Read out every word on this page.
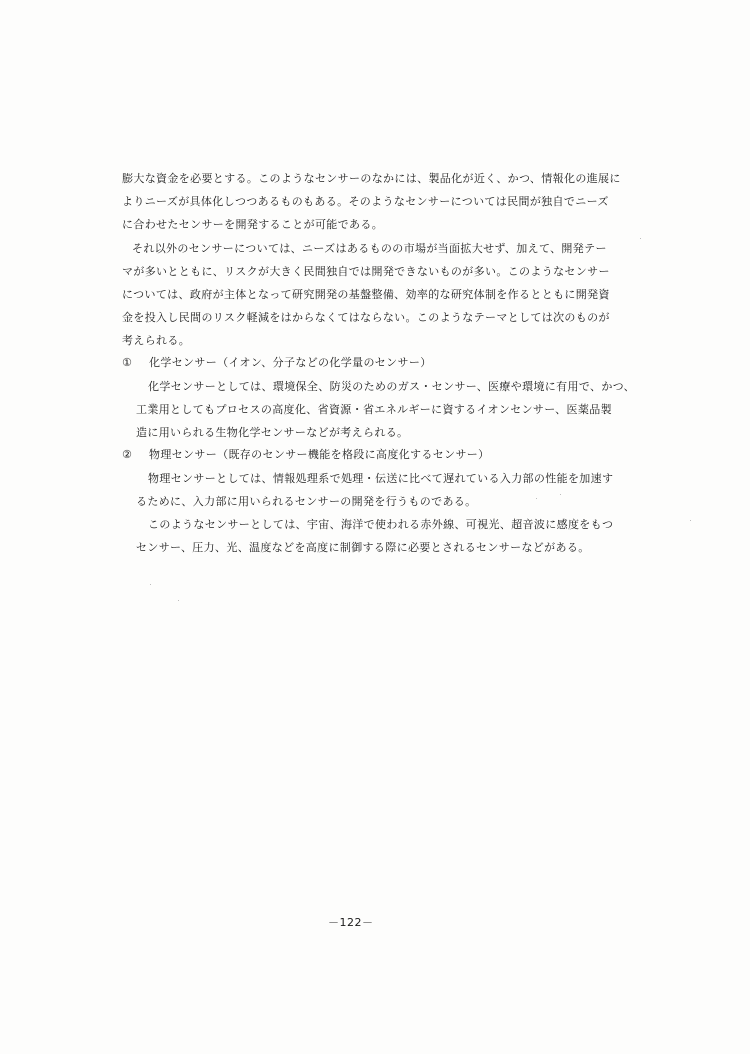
膨大な資金を必要とする。このようなセンサーのなかには、製品化が近く、かつ、情報化の進展に
よりニーズが具体化しつつあるものもある。そのようなセンサーについては民間が独自でニーズ
に合わせたセンサーを開発することが可能である。
それ以外のセンサーについては、ニーズはあるものの市場が当面拡大せず、加えて、開発テー
マが多いとともに、リスクが大きく民間独自では開発できないものが多い。このようなセンサー
については、政府が主体となって研究開発の基盤整備、効率的な研究体制を作るとともに開発資
金を投入し民間のリスク軽減をはからなくてはならない。このようなテーマとしては次のものが
考えられる。
① 化学センサー（イオン、分子などの化学量のセンサー）
化学センサーとしては、環境保全、防災のためのガス・センサー、医療や環境に有用で、かつ、
工業用としてもプロセスの高度化、省資源・省エネルギーに資するイオンセンサー、医薬品製
造に用いられる生物化学センサーなどが考えられる。
② 物理センサー（既存のセンサー機能を格段に高度化するセンサー）
物理センサーとしては、情報処理系で処理・伝送に比べて遅れている入力部の性能を加速す
るために、入力部に用いられるセンサーの開発を行うものである。
このようなセンサーとしては、宇宙、海洋で使われる赤外線、可視光、超音波に感度をもつ
センサー、圧力、光、温度などを高度に制御する際に必要とされるセンサーなどがある。
－122－
